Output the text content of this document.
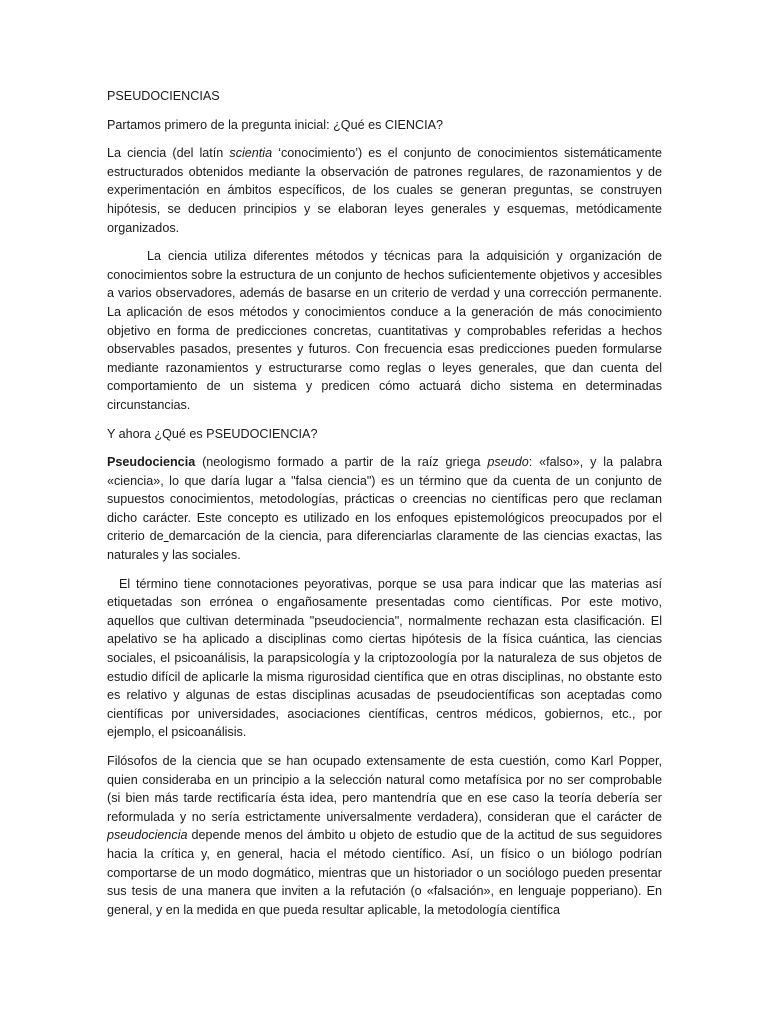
PSEUDOCIENCIAS

Partamos primero de la pregunta inicial: ¿Qué es CIENCIA?

La ciencia (del latín scientia ‘conocimiento’) es el conjunto de conocimientos sistemáticamente estructurados obtenidos mediante la observación de patrones regulares, de razonamientos y de experimentación en ámbitos específicos, de los cuales se generan preguntas, se construyen hipótesis, se deducen principios y se elaboran leyes generales y esquemas, metódicamente organizados.

La ciencia utiliza diferentes métodos y técnicas para la adquisición y organización de conocimientos sobre la estructura de un conjunto de hechos suficientemente objetivos y accesibles a varios observadores, además de basarse en un criterio de verdad y una corrección permanente. La aplicación de esos métodos y conocimientos conduce a la generación de más conocimiento objetivo en forma de predicciones concretas, cuantitativas y comprobables referidas a hechos observables pasados, presentes y futuros. Con frecuencia esas predicciones pueden formularse mediante razonamientos y estructurarse como reglas o leyes generales, que dan cuenta del comportamiento de un sistema y predicen cómo actuará dicho sistema en determinadas circunstancias.

Y ahora ¿Qué es PSEUDOCIENCIA?

Pseudociencia (neologismo formado a partir de la raíz griega pseudo: «falso», y la palabra «ciencia», lo que daría lugar a "falsa ciencia") es un término que da cuenta de un conjunto de supuestos conocimientos, metodologías, prácticas o creencias no científicas pero que reclaman dicho carácter. Este concepto es utilizado en los enfoques epistemológicos preocupados por el criterio de demarcación de la ciencia, para diferenciarlas claramente de las ciencias exactas, las naturales y las sociales.

El término tiene connotaciones peyorativas, porque se usa para indicar que las materias así etiquetadas son errónea o engañosamente presentadas como científicas. Por este motivo, aquellos que cultivan determinada "pseudociencia", normalmente rechazan esta clasificación. El apelativo se ha aplicado a disciplinas como ciertas hipótesis de la física cuántica, las ciencias sociales, el psicoanálisis, la parapsicología y la criptozoología por la naturaleza de sus objetos de estudio difícil de aplicarle la misma rigurosidad científica que en otras disciplinas, no obstante esto es relativo y algunas de estas disciplinas acusadas de pseudocientíficas son aceptadas como científicas por universidades, asociaciones científicas, centros médicos, gobiernos, etc., por ejemplo, el psicoanálisis.

Filósofos de la ciencia que se han ocupado extensamente de esta cuestión, como Karl Popper, quien consideraba en un principio a la selección natural como metafísica por no ser comprobable (si bien más tarde rectificaría ésta idea, pero mantendría que en ese caso la teoría debería ser reformulada y no sería estrictamente universalmente verdadera), consideran que el carácter de pseudociencia depende menos del ámbito u objeto de estudio que de la actitud de sus seguidores hacia la crítica y, en general, hacia el método científico. Así, un físico o un biólogo podrían comportarse de un modo dogmático, mientras que un historiador o un sociólogo pueden presentar sus tesis de una manera que inviten a la refutación (o «falsación», en lenguaje popperiano). En general, y en la medida en que pueda resultar aplicable, la metodología científica
